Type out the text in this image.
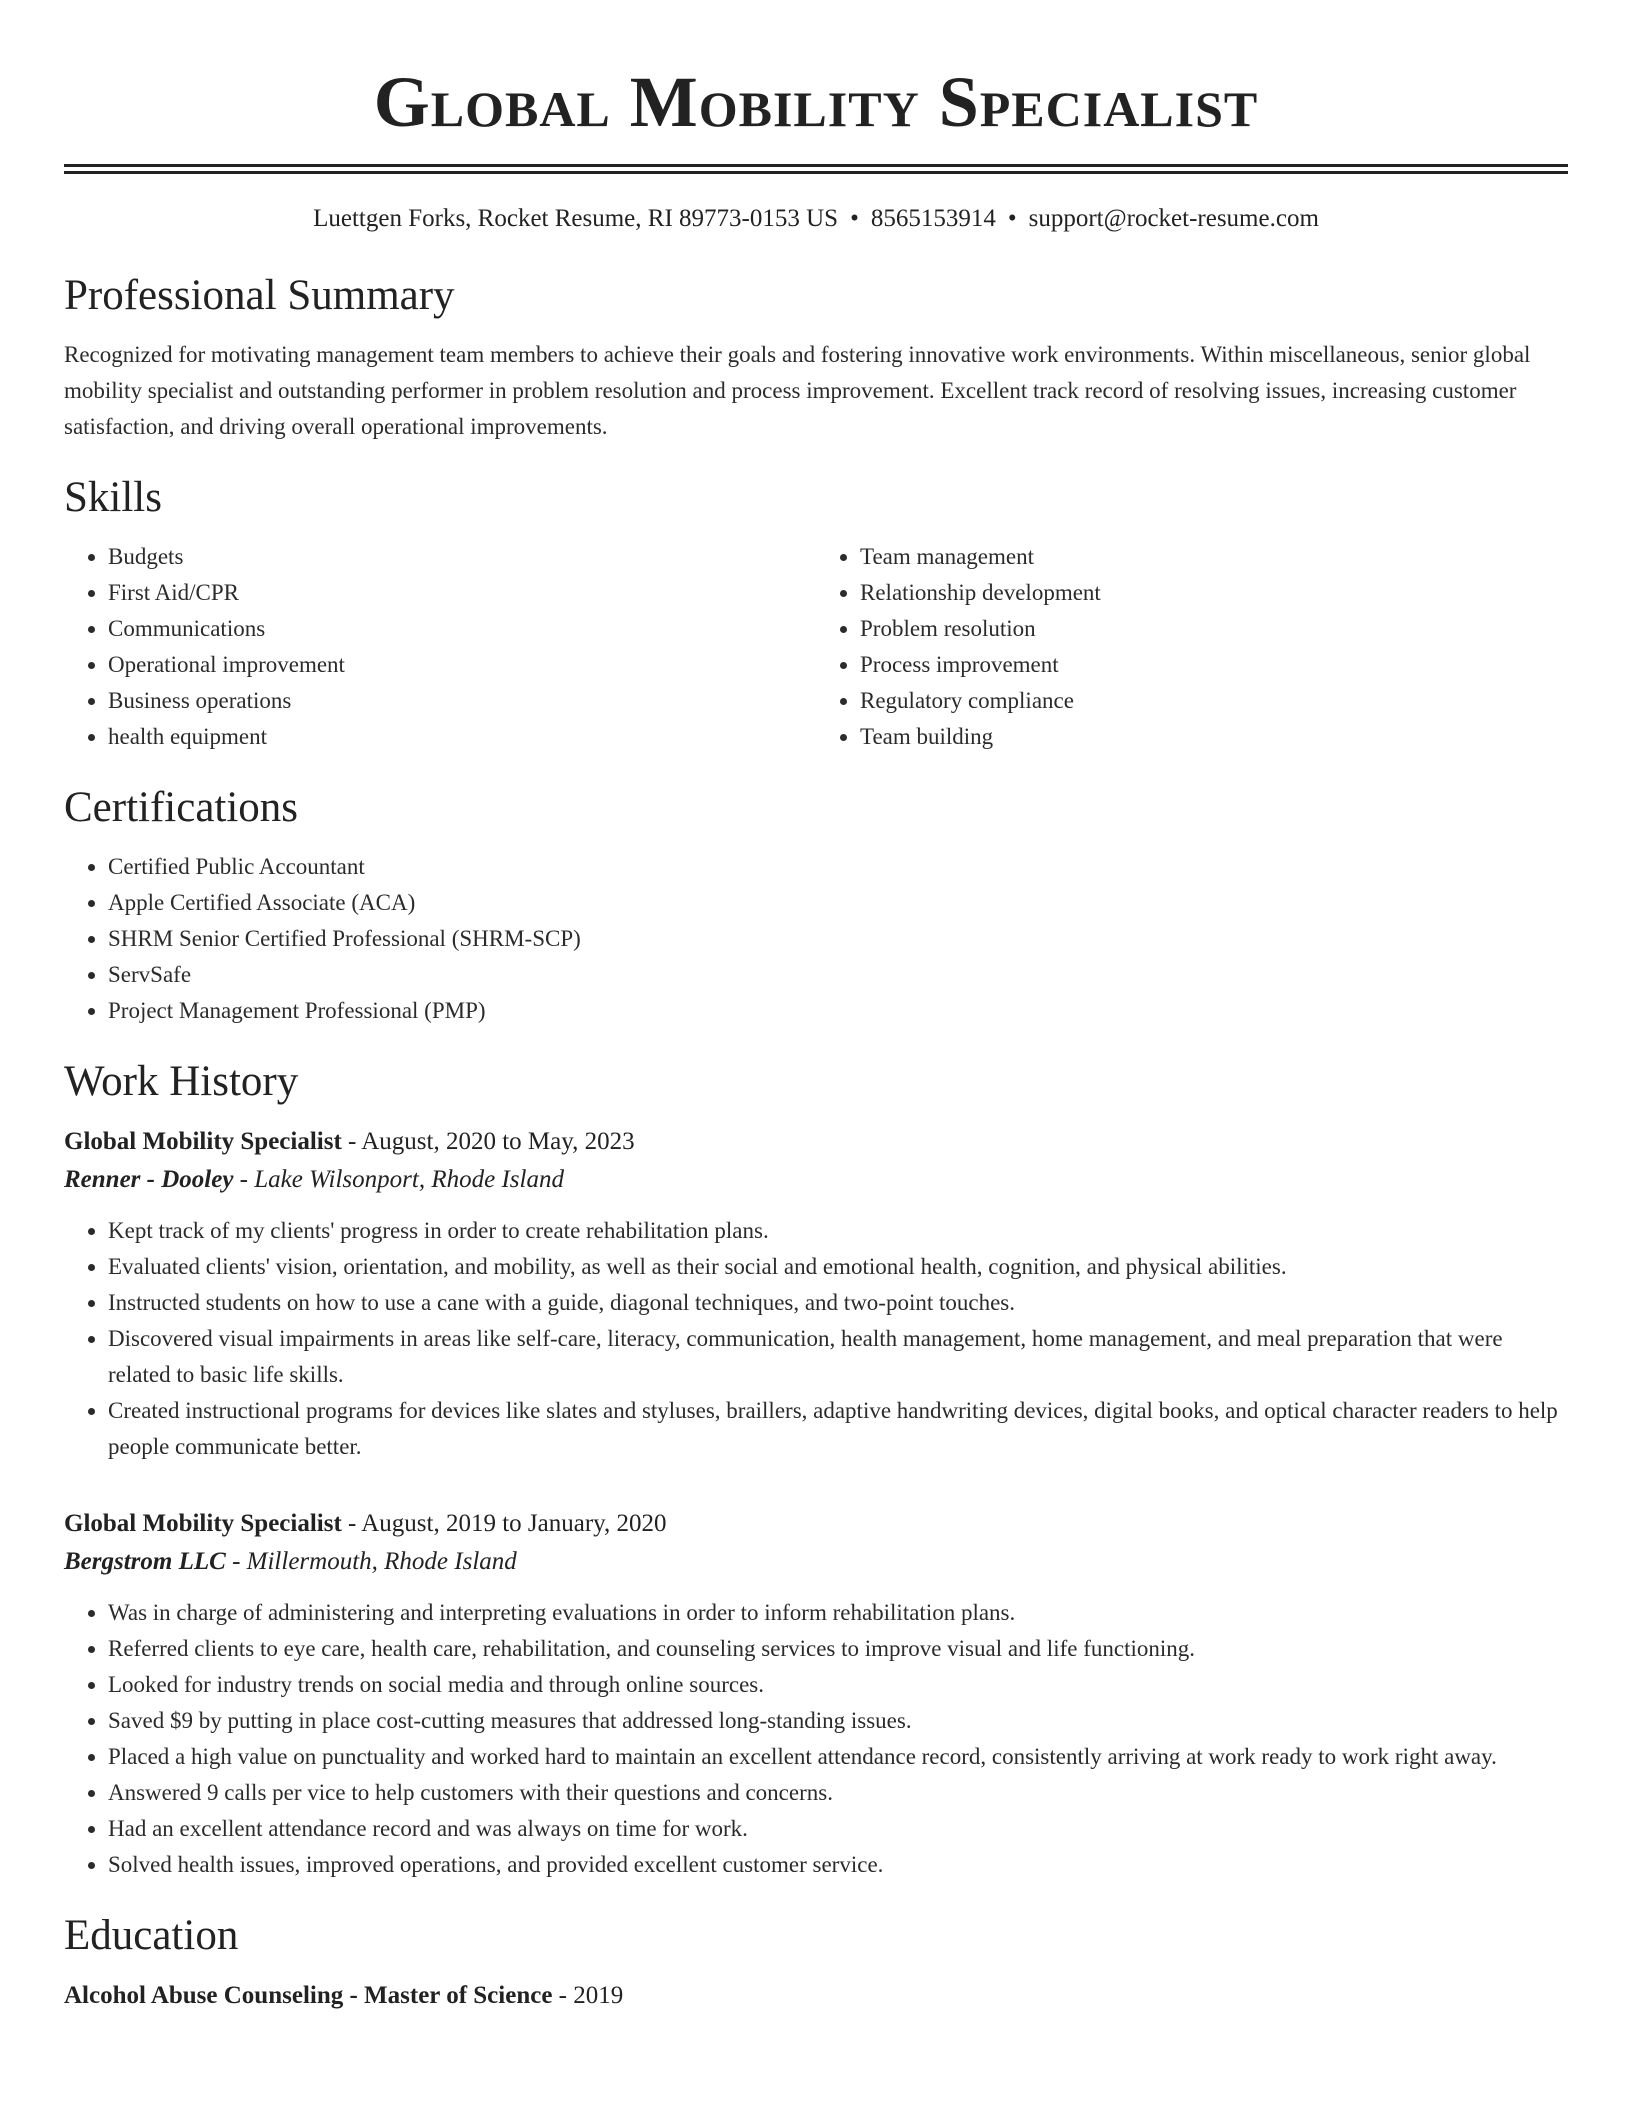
Global Mobility Specialist
Luettgen Forks, Rocket Resume, RI 89773-0153 US • 8565153914 • support@rocket-resume.com
Professional Summary

Recognized for motivating management team members to achieve their goals and fostering innovative work environments. Within miscellaneous, senior global mobility specialist and outstanding performer in problem resolution and process improvement. Excellent track record of resolving issues, increasing customer satisfaction, and driving overall operational improvements.

Skills
• Budgets
• First Aid/CPR
• Communications
• Operational improvement
• Business operations
• health equipment
• Team management
• Relationship development
• Problem resolution
• Process improvement
• Regulatory compliance
• Team building
Certifications
• Certified Public Accountant
• Apple Certified Associate (ACA)
• SHRM Senior Certified Professional (SHRM-SCP)
• ServSafe
• Project Management Professional (PMP)
Work History
Global Mobility Specialist - August, 2020 to May, 2023
Renner - Dooley - Lake Wilsonport, Rhode Island
• Kept track of my clients' progress in order to create rehabilitation plans.
• Evaluated clients' vision, orientation, and mobility, as well as their social and emotional health, cognition, and physical abilities.
• Instructed students on how to use a cane with a guide, diagonal techniques, and two-point touches.
• Discovered visual impairments in areas like self-care, literacy, communication, health management, home management, and meal preparation that were related to basic life skills.
• Created instructional programs for devices like slates and styluses, braillers, adaptive handwriting devices, digital books, and optical character readers to help people communicate better.
Global Mobility Specialist - August, 2019 to January, 2020
Bergstrom LLC - Millermouth, Rhode Island
• Was in charge of administering and interpreting evaluations in order to inform rehabilitation plans.
• Referred clients to eye care, health care, rehabilitation, and counseling services to improve visual and life functioning.
• Looked for industry trends on social media and through online sources.
• Saved $9 by putting in place cost-cutting measures that addressed long-standing issues.
• Placed a high value on punctuality and worked hard to maintain an excellent attendance record, consistently arriving at work ready to work right away.
• Answered 9 calls per vice to help customers with their questions and concerns.
• Had an excellent attendance record and was always on time for work.
• Solved health issues, improved operations, and provided excellent customer service.
Education
Alcohol Abuse Counseling - Master of Science - 2019
